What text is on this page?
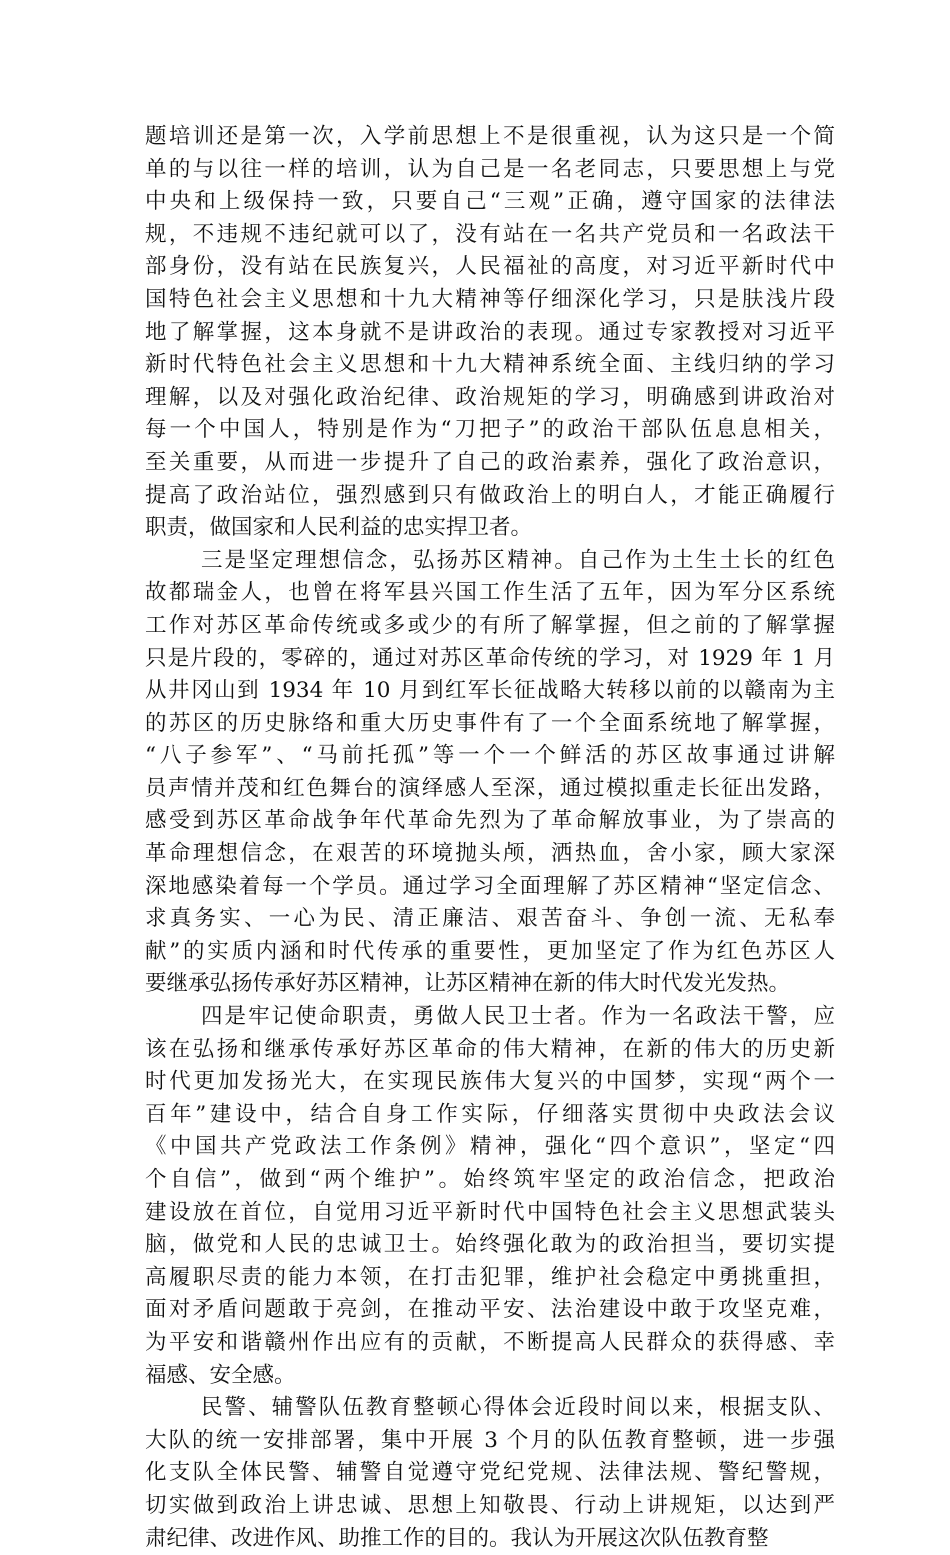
题培训还是第一次，入学前思想上不是很重视，认为这只是一个简
单的与以往一样的培训，认为自己是一名老同志，只要思想上与党
中央和上级保持一致，只要自己“三观”正确，遵守国家的法律法
规，不违规不违纪就可以了，没有站在一名共产党员和一名政法干
部身份，没有站在民族复兴，人民福祉的高度，对习近平新时代中
国特色社会主义思想和十九大精神等仔细深化学习，只是肤浅片段
地了解掌握，这本身就不是讲政治的表现。通过专家教授对习近平
新时代特色社会主义思想和十九大精神系统全面、主线归纳的学习
理解，以及对强化政治纪律、政治规矩的学习，明确感到讲政治对
每一个中国人，特别是作为“刀把子”的政治干部队伍息息相关，
至关重要，从而进一步提升了自己的政治素养，强化了政治意识，
提高了政治站位，强烈感到只有做政治上的明白人，才能正确履行
职责，做国家和人民利益的忠实捍卫者。
三是坚定理想信念，弘扬苏区精神。自己作为土生土长的红色
故都瑞金人，也曾在将军县兴国工作生活了五年，因为军分区系统
工作对苏区革命传统或多或少的有所了解掌握，但之前的了解掌握
只是片段的，零碎的，通过对苏区革命传统的学习，对 1929 年 1 月
从井冈山到 1934 年 10 月到红军长征战略大转移以前的以赣南为主
的苏区的历史脉络和重大历史事件有了一个全面系统地了解掌握，
“八子参军”、“马前托孤”等一个一个鲜活的苏区故事通过讲解
员声情并茂和红色舞台的演绎感人至深，通过模拟重走长征出发路，
感受到苏区革命战争年代革命先烈为了革命解放事业，为了崇高的
革命理想信念，在艰苦的环境抛头颅，洒热血，舍小家，顾大家深
深地感染着每一个学员。通过学习全面理解了苏区精神“坚定信念、
求真务实、一心为民、清正廉洁、艰苦奋斗、争创一流、无私奉
献”的实质内涵和时代传承的重要性，更加坚定了作为红色苏区人
要继承弘扬传承好苏区精神，让苏区精神在新的伟大时代发光发热。
四是牢记使命职责，勇做人民卫士者。作为一名政法干警，应
该在弘扬和继承传承好苏区革命的伟大精神，在新的伟大的历史新
时代更加发扬光大，在实现民族伟大复兴的中国梦，实现“两个一
百年”建设中，结合自身工作实际，仔细落实贯彻中央政法会议
《中国共产党政法工作条例》精神，强化“四个意识”，坚定“四
个自信”，做到“两个维护”。始终筑牢坚定的政治信念，把政治
建设放在首位，自觉用习近平新时代中国特色社会主义思想武装头
脑，做党和人民的忠诚卫士。始终强化敢为的政治担当，要切实提
高履职尽责的能力本领，在打击犯罪，维护社会稳定中勇挑重担，
面对矛盾问题敢于亮剑，在推动平安、法治建设中敢于攻坚克难，
为平安和谐赣州作出应有的贡献，不断提高人民群众的获得感、幸
福感、安全感。
民警、辅警队伍教育整顿心得体会近段时间以来，根据支队、
大队的统一安排部署，集中开展 3 个月的队伍教育整顿，进一步强
化支队全体民警、辅警自觉遵守党纪党规、法律法规、警纪警规，
切实做到政治上讲忠诚、思想上知敬畏、行动上讲规矩，以达到严
肃纪律、改进作风、助推工作的目的。我认为开展这次队伍教育整
